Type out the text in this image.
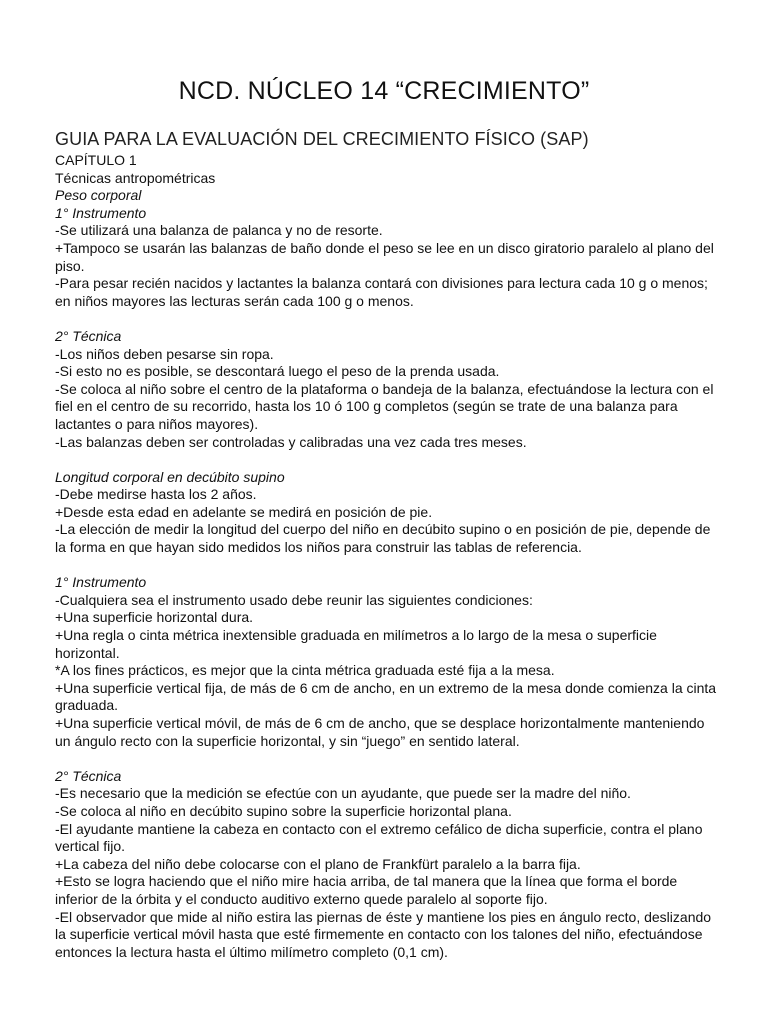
NCD. NÚCLEO 14 “CRECIMIENTO”
GUIA PARA LA EVALUACIÓN DEL CRECIMIENTO FÍSICO (SAP)

CAPÍTULO 1

Técnicas antropométricas

Peso corporal

1° Instrumento

-Se utilizará una balanza de palanca y no de resorte.

+Tampoco se usarán las balanzas de baño donde el peso se lee en un disco giratorio paralelo al plano del piso.

-Para pesar recién nacidos y lactantes la balanza contará con divisiones para lectura cada 10 g o menos; en niños mayores las lecturas serán cada 100 g o menos.

2° Técnica

-Los niños deben pesarse sin ropa.

-Si esto no es posible, se descontará luego el peso de la prenda usada.

-Se coloca al niño sobre el centro de la plataforma o bandeja de la balanza, efectuándose la lectura con el fiel en el centro de su recorrido, hasta los 10 ó 100 g completos (según se trate de una balanza para lactantes o para niños mayores).

-Las balanzas deben ser controladas y calibradas una vez cada tres meses.

Longitud corporal en decúbito supino

-Debe medirse hasta los 2 años.

+Desde esta edad en adelante se medirá en posición de pie.

-La elección de medir la longitud del cuerpo del niño en decúbito supino o en posición de pie, depende de la forma en que hayan sido medidos los niños para construir las tablas de referencia.

1° Instrumento

-Cualquiera sea el instrumento usado debe reunir las siguientes condiciones:

+Una superficie horizontal dura.

+Una regla o cinta métrica inextensible graduada en milímetros a lo largo de la mesa o superficie horizontal.

*A los fines prácticos, es mejor que la cinta métrica graduada esté fija a la mesa.

+Una superficie vertical fija, de más de 6 cm de ancho, en un extremo de la mesa donde comienza la cinta graduada.

+Una superficie vertical móvil, de más de 6 cm de ancho, que se desplace horizontalmente manteniendo un ángulo recto con la superficie horizontal, y sin “juego” en sentido lateral.

2° Técnica

-Es necesario que la medición se efectúe con un ayudante, que puede ser la madre del niño.

-Se coloca al niño en decúbito supino sobre la superficie horizontal plana.

-El ayudante mantiene la cabeza en contacto con el extremo cefálico de dicha superficie, contra el plano vertical fijo.

+La cabeza del niño debe colocarse con el plano de Frankfürt paralelo a la barra fija.

+Esto se logra haciendo que el niño mire hacia arriba, de tal manera que la línea que forma el borde inferior de la órbita y el conducto auditivo externo quede paralelo al soporte fijo.

-El observador que mide al niño estira las piernas de éste y mantiene los pies en ángulo recto, deslizando la superficie vertical móvil hasta que esté firmemente en contacto con los talones del niño, efectuándose entonces la lectura hasta el último milímetro completo (0,1 cm).
